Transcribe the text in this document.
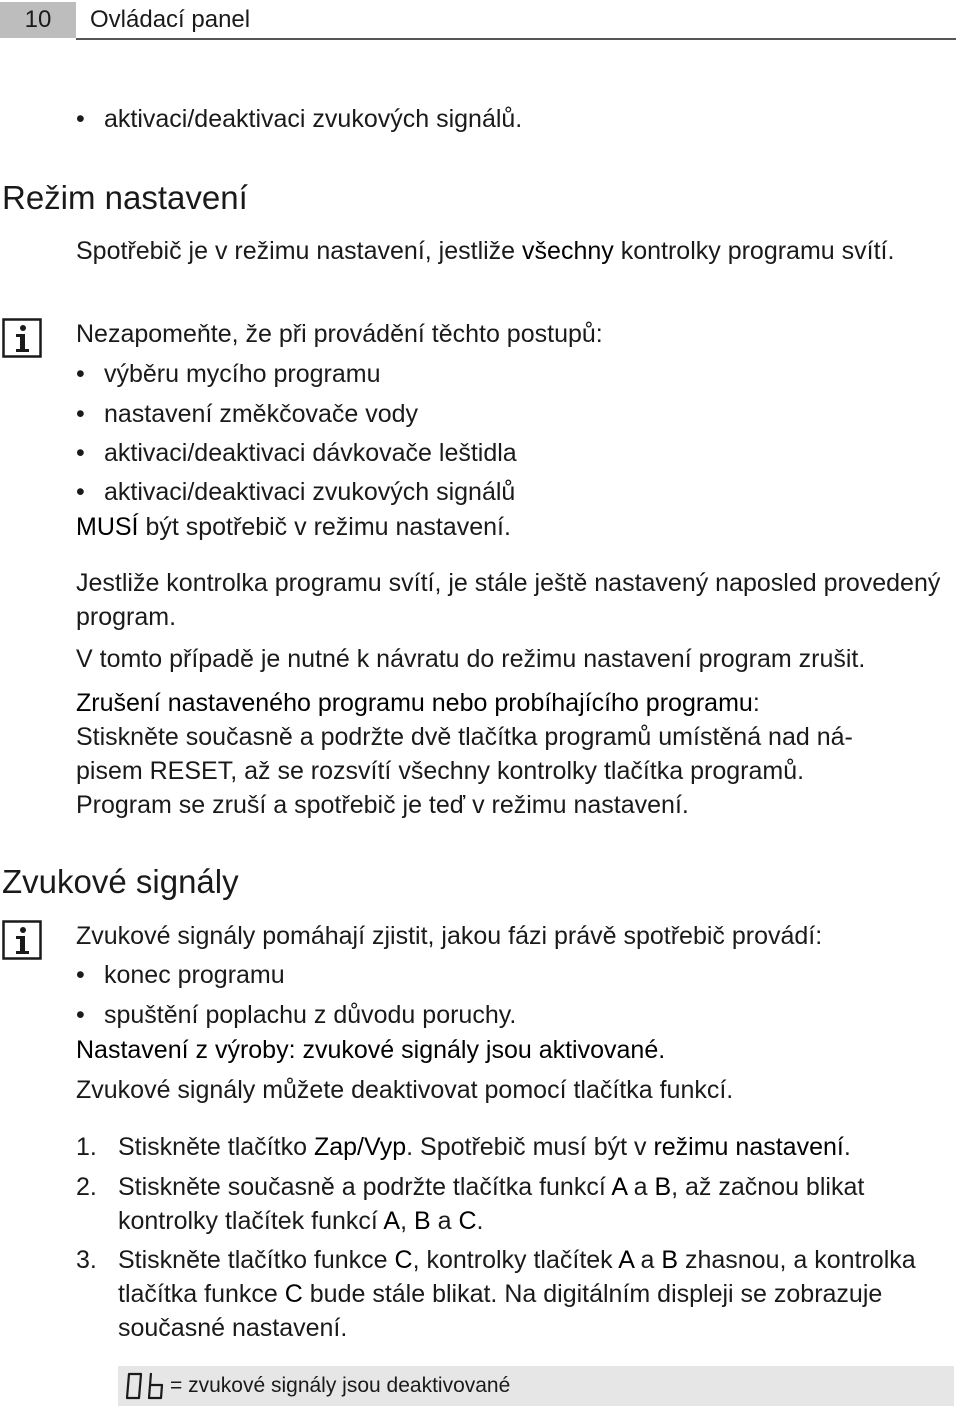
10	Ovládací panel
• aktivaci/deaktivaci zvukových signálů.
Režim nastavení
Spotřebič je v režimu nastavení, jestliže všechny kontrolky programu svítí.
Nezapomeňte, že při provádění těchto postupů:
• výběru mycího programu
• nastavení změkčovače vody
• aktivaci/deaktivaci dávkovače leštidla
• aktivaci/deaktivaci zvukových signálů
MUSÍ být spotřebič v režimu nastavení.
Jestliže kontrolka programu svítí, je stále ještě nastavený naposled provedený program.
V tomto případě je nutné k návratu do režimu nastavení program zrušit.
Zrušení nastaveného programu nebo probíhajícího programu:
Stiskněte současně a podržte dvě tlačítka programů umístěná nad ná-
pisem RESET, až se rozsvítí všechny kontrolky tlačítka programů.
Program se zruší a spotřebič je teď v režimu nastavení.
Zvukové signály
Zvukové signály pomáhají zjistit, jakou fázi právě spotřebič provádí:
• konec programu
• spuštění poplachu z důvodu poruchy.
Nastavení z výroby: zvukové signály jsou aktivované.
Zvukové signály můžete deaktivovat pomocí tlačítka funkcí.
1. Stiskněte tlačítko Zap/Vyp. Spotřebič musí být v režimu nastavení.
2. Stiskněte současně a podržte tlačítka funkcí A a B, až začnou blikat kontrolky tlačítek funkcí A, B a C.
3. Stiskněte tlačítko funkce C, kontrolky tlačítek A a B zhasnou, a kontrolka tlačítka funkce C bude stále blikat. Na digitálním displeji se zobrazuje současné nastavení.
= zvukové signály jsou deaktivované
